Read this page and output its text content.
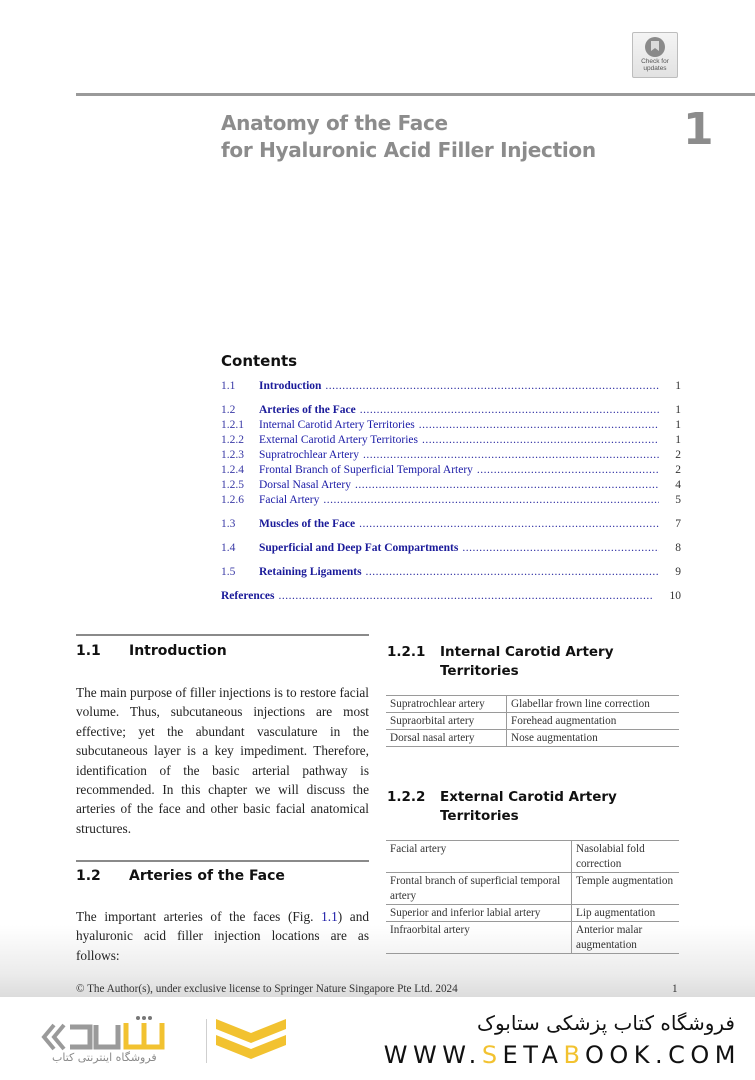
Check for
updates
Anatomy of the Face
for Hyaluronic Acid Filler Injection 1
Contents
1.1	Introduction .....	1
1.2	Arteries of the Face .....	1
1.2.1	Internal Carotid Artery Territories .....	1
1.2.2	External Carotid Artery Territories .....	1
1.2.3	Supratrochlear Artery .....	2
1.2.4	Frontal Branch of Superficial Temporal Artery .....	2
1.2.5	Dorsal Nasal Artery .....	4
1.2.6	Facial Artery .....	5
1.3	Muscles of the Face .....	7
1.4	Superficial and Deep Fat Compartments .....	8
1.5	Retaining Ligaments .....	9
References .....	10
1.1 Introduction
The main purpose of filler injections is to restore facial volume. Thus, subcutaneous injections are most effective; yet the abundant vasculature in the subcutaneous layer is a key impediment. Therefore, identification of the basic arterial pathway is recommended. In this chapter we will discuss the arteries of the face and other basic facial anatomical structures.
1.2 Arteries of the Face
The important arteries of the faces (Fig. 1.1) and hyaluronic acid filler injection locations are as follows:
1.2.1 Internal Carotid Artery Territories
Supratrochlear artery	Glabellar frown line correction
Supraorbital artery	Forehead augmentation
Dorsal nasal artery	Nose augmentation
1.2.2 External Carotid Artery Territories
Facial artery	Nasolabial fold correction
Frontal branch of superficial temporal artery	Temple augmentation
Superior and inferior labial artery	Lip augmentation
Infraorbital artery	Anterior malar augmentation
© The Author(s), under exclusive license to Springer Nature Singapore Pte Ltd. 2024	1
فروشگاه اینترنتی کتاب
فروشگاه کتاب پزشکی ستابوک
WWW.SETABOOK.COM
